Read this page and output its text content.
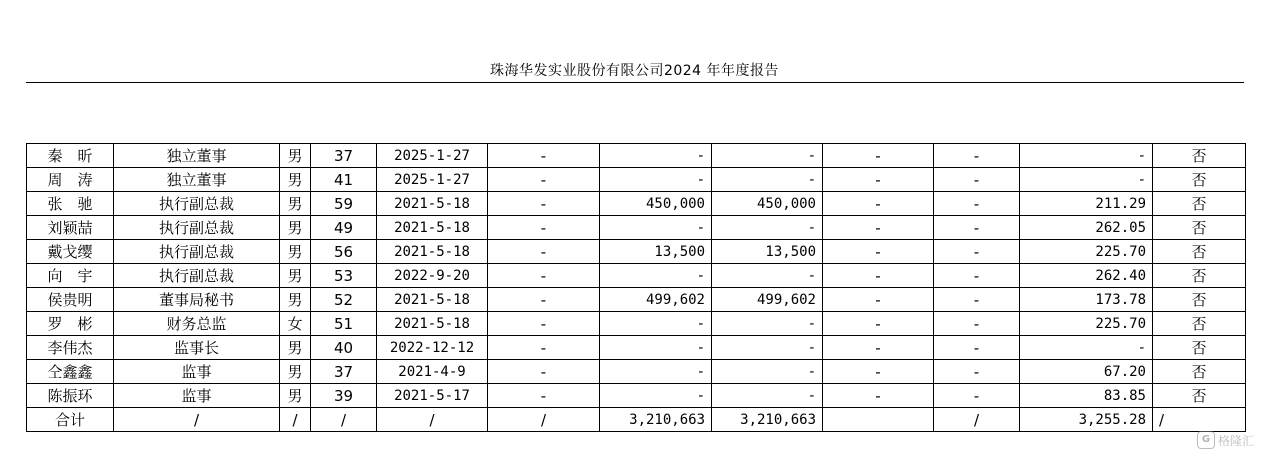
珠海华发实业股份有限公司2024 年年度报告
秦　昕	独立董事	男	37	2025-1-27	-	-	-	-	-	-	否
周　涛	独立董事	男	41	2025-1-27	-	-	-	-	-	-	否
张　驰	执行副总裁	男	59	2021-5-18	-	450,000	450,000	-	-	211.29	否
刘颖喆	执行副总裁	男	49	2021-5-18	-	-	-	-	-	262.05	否
戴戈缨	执行副总裁	男	56	2021-5-18	-	13,500	13,500	-	-	225.70	否
向　宇	执行副总裁	男	53	2022-9-20	-	-	-	-	-	262.40	否
侯贵明	董事局秘书	男	52	2021-5-18	-	499,602	499,602	-	-	173.78	否
罗　彬	财务总监	女	51	2021-5-18	-	-	-	-	-	225.70	否
李伟杰	监事长	男	40	2022-12-12	-	-	-	-	-	-	否
仝鑫鑫	监事	男	37	2021-4-9	-	-	-	-	-	67.20	否
陈振环	监事	男	39	2021-5-17	-	-	-	-	-	83.85	否
合计	/	/	/	/	/	3,210,663	3,210,663		/	3,255.28	/
G 格隆汇
